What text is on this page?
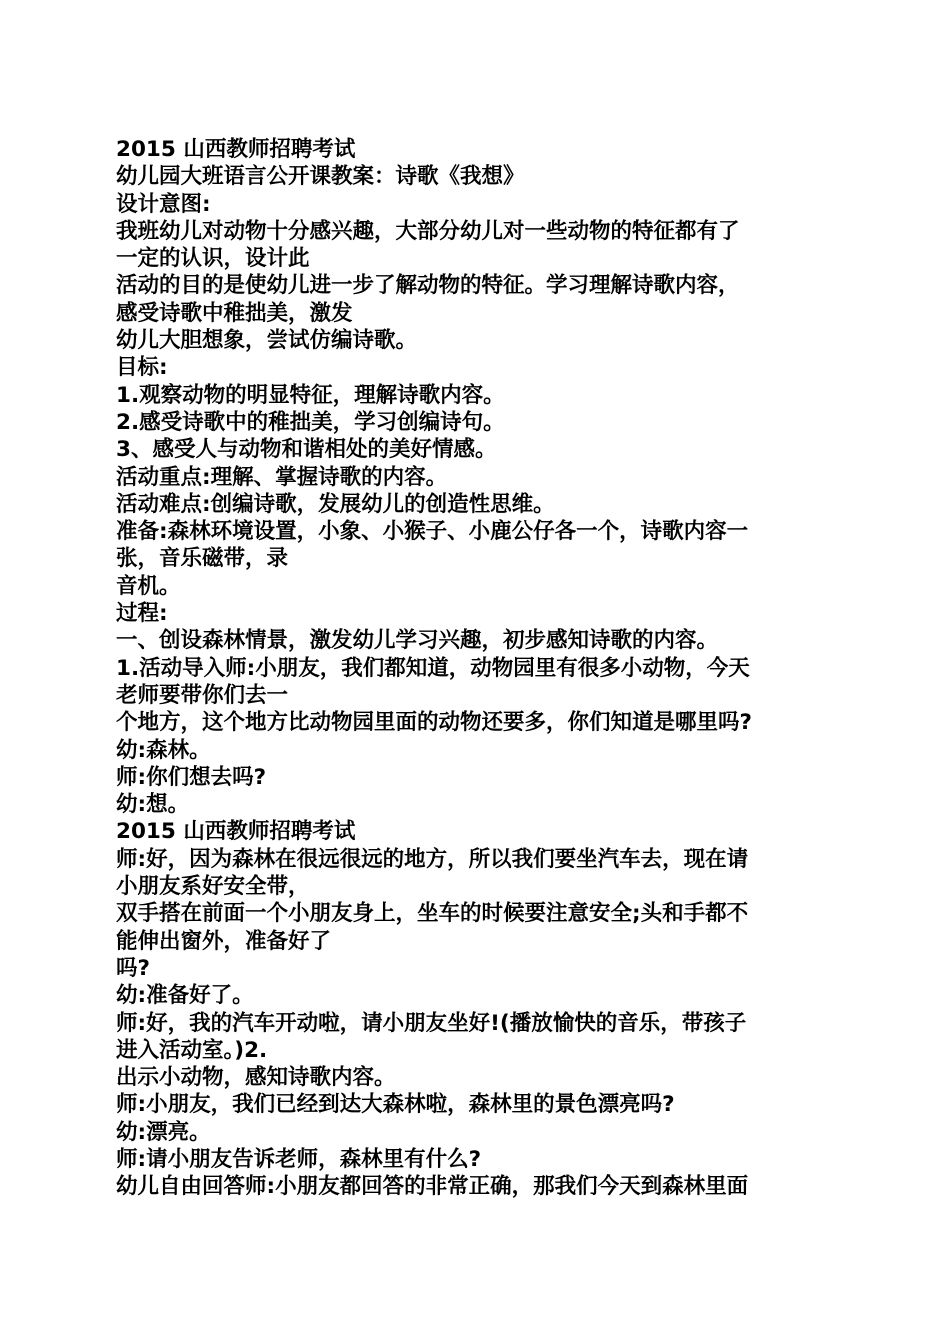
2015 山西教师招聘考试
幼儿园大班语言公开课教案：诗歌《我想》
设计意图:
我班幼儿对动物十分感兴趣，大部分幼儿对一些动物的特征都有了
一定的认识，设计此
活动的目的是使幼儿进一步了解动物的特征。学习理解诗歌内容，
感受诗歌中稚拙美，激发
幼儿大胆想象，尝试仿编诗歌。
目标:
1.观察动物的明显特征，理解诗歌内容。
2.感受诗歌中的稚拙美，学习创编诗句。
3、感受人与动物和谐相处的美好情感。
活动重点:理解、掌握诗歌的内容。
活动难点:创编诗歌，发展幼儿的创造性思维。
准备:森林环境设置，小象、小猴子、小鹿公仔各一个，诗歌内容一
张，音乐磁带，录
音机。
过程:
一、创设森林情景，激发幼儿学习兴趣，初步感知诗歌的内容。
1.活动导入师:小朋友，我们都知道，动物园里有很多小动物，今天
老师要带你们去一
个地方，这个地方比动物园里面的动物还要多，你们知道是哪里吗?
幼:森林。
师:你们想去吗?
幼:想。
2015 山西教师招聘考试
师:好，因为森林在很远很远的地方，所以我们要坐汽车去，现在请
小朋友系好安全带，
双手搭在前面一个小朋友身上，坐车的时候要注意安全;头和手都不
能伸出窗外，准备好了
吗?
幼:准备好了。
师:好，我的汽车开动啦，请小朋友坐好!(播放愉快的音乐，带孩子
进入活动室。)2.
出示小动物，感知诗歌内容。
师:小朋友，我们已经到达大森林啦，森林里的景色漂亮吗?
幼:漂亮。
师:请小朋友告诉老师，森林里有什么?
幼儿自由回答师:小朋友都回答的非常正确，那我们今天到森林里面
